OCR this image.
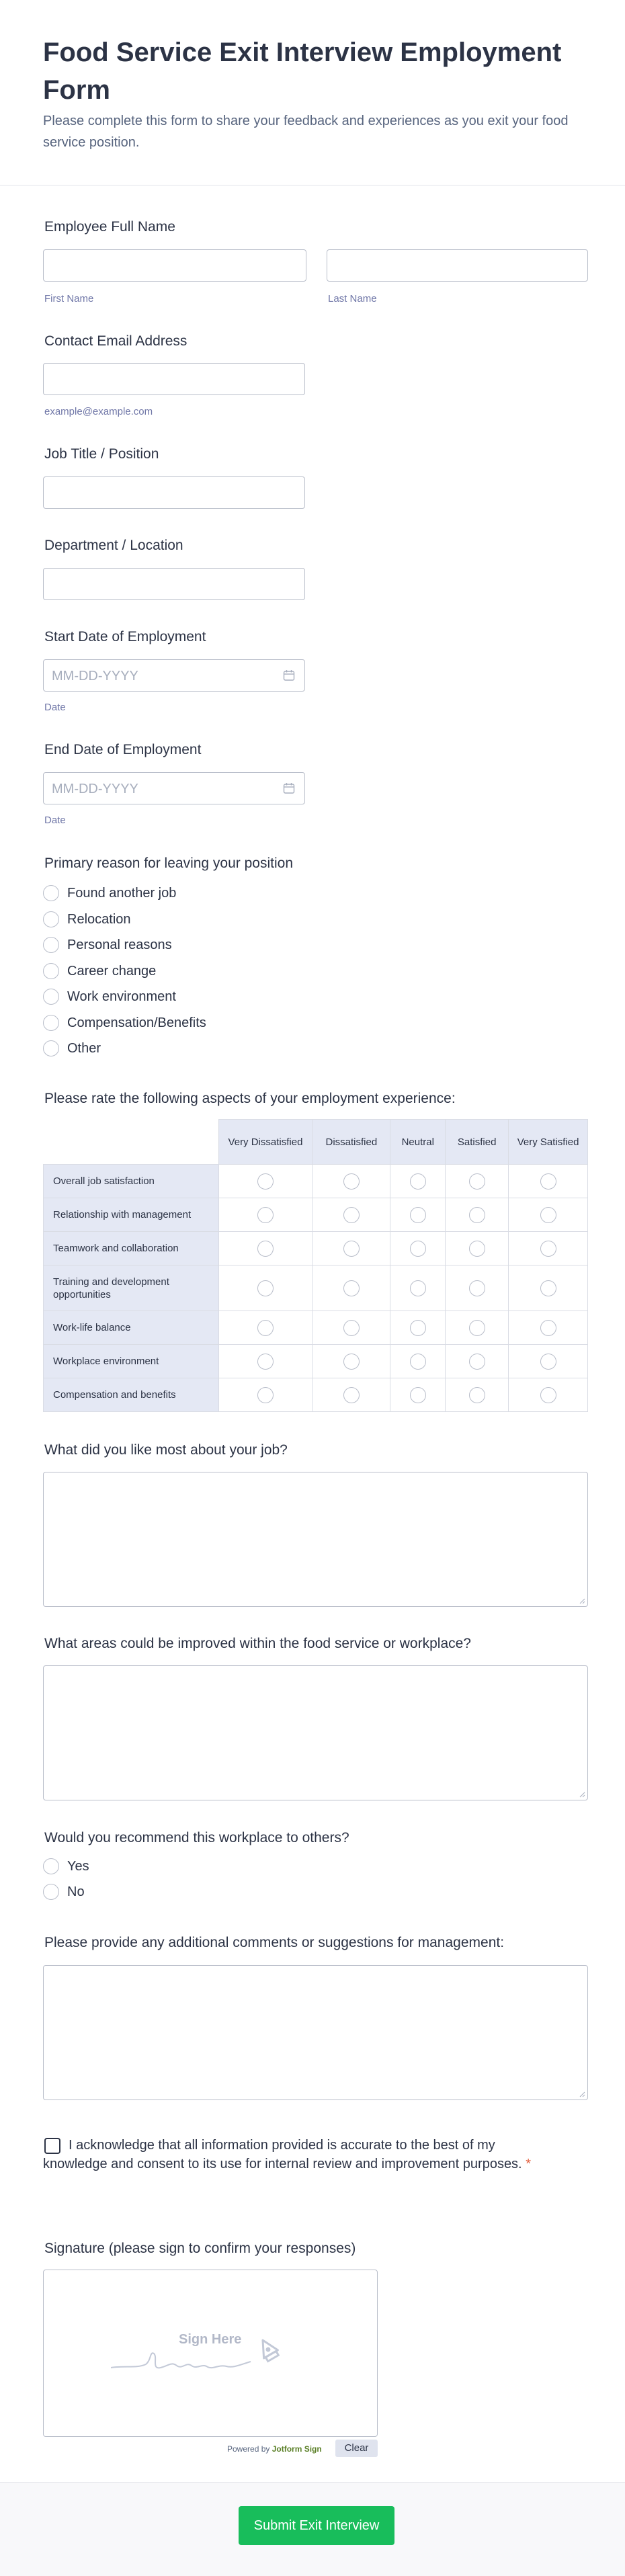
Food Service Exit Interview Employment Form
Please complete this form to share your feedback and experiences as you exit your food service position.
Employee Full Name
First Name	Last Name
Contact Email Address
example@example.com
Job Title / Position
Department / Location
Start Date of Employment
MM-DD-YYYY
Date
End Date of Employment
MM-DD-YYYY
Date
Primary reason for leaving your position
Found another job
Relocation
Personal reasons
Career change
Work environment
Compensation/Benefits
Other
Please rate the following aspects of your employment experience:
	Very Dissatisfied	Dissatisfied	Neutral	Satisfied	Very Satisfied
Overall job satisfaction					
Relationship with management					
Teamwork and collaboration					
Training and development opportunities					
Work-life balance					
Workplace environment					
Compensation and benefits					
What did you like most about your job?
What areas could be improved within the food service or workplace?
Would you recommend this workplace to others?
Yes
No
Please provide any additional comments or suggestions for management:
I acknowledge that all information provided is accurate to the best of my knowledge and consent to its use for internal review and improvement purposes. *
Signature (please sign to confirm your responses)
Sign Here
Powered by Jotform Sign	Clear
Submit Exit Interview
